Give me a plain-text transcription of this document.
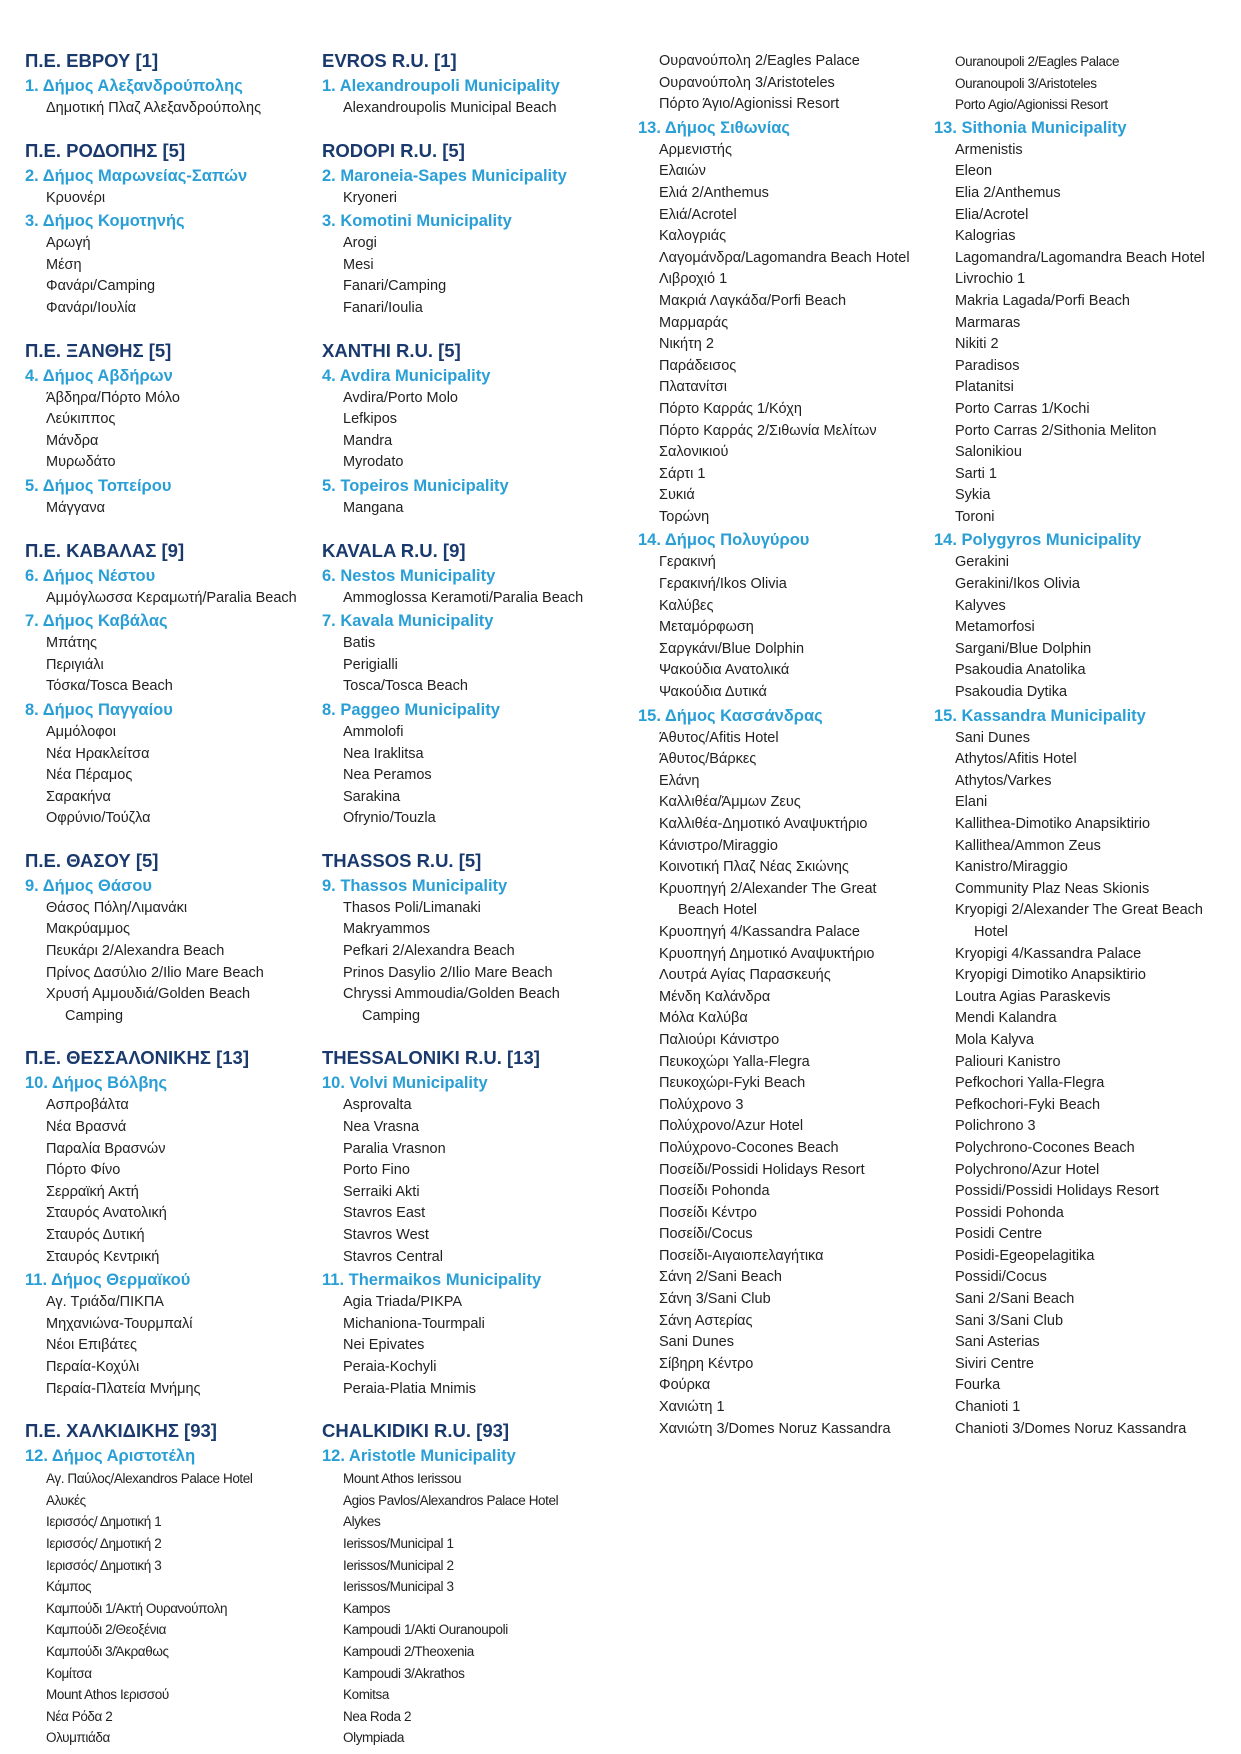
Π.Ε. ΕΒΡΟΥ [1]
1. Δήμος Αλεξανδρούπολης
Δημοτική Πλαζ Αλεξανδρούπολης
Π.Ε. ΡΟΔΟΠΗΣ [5]
2. Δήμος Μαρωνείας-Σαπών
Κρυονέρι
3. Δήμος Κομοτηνής
Αρωγή
Μέση
Φανάρι/Camping
Φανάρι/Ιουλία
Π.Ε. ΞΑΝΘΗΣ [5]
4. Δήμος Αβδήρων
Άβδηρα/Πόρτο Μόλο
Λεύκιππος
Μάνδρα
Μυρωδάτο
5. Δήμος Τοπείρου
Μάγγανα
Π.Ε. ΚΑΒΑΛΑΣ [9]
6. Δήμος Νέστου
Αμμόγλωσσα Κεραμωτή/Paralia Beach
7. Δήμος Καβάλας
Μπάτης
Περιγιάλι
Τόσκα/Tosca Beach
8. Δήμος Παγγαίου
Αμμόλοφοι
Νέα Ηρακλείτσα
Νέα Πέραμος
Σαρακήνα
Οφρύνιο/Τούζλα
Π.Ε. ΘΑΣΟΥ [5]
9. Δήμος Θάσου
Θάσος Πόλη/Λιμανάκι
Μακρύαμμος
Πευκάρι 2/Alexandra Beach
Πρίνος Δασύλιο 2/Ilio Mare Beach
Χρυσή Αμμουδιά/Golden Beach
Camping
Π.Ε. ΘΕΣΣΑΛΟΝΙΚΗΣ [13]
10. Δήμος Βόλβης
Ασπροβάλτα
Νέα Βρασνά
Παραλία Βρασνών
Πόρτο Φίνο
Σερραϊκή Ακτή
Σταυρός Ανατολική
Σταυρός Δυτική
Σταυρός Κεντρική
11. Δήμος Θερμαϊκού
Αγ. Τριάδα/ΠΙΚΠΑ
Μηχανιώνα-Τουρμπαλί
Νέοι Επιβάτες
Περαία-Κοχύλι
Περαία-Πλατεία Μνήμης
Π.Ε. ΧΑΛΚΙΔΙΚΗΣ [93]
12. Δήμος Αριστοτέλη
Αγ. Παύλος/Alexandros Palace Hotel
Αλυκές
Ιερισσός/ Δημοτική 1
Ιερισσός/ Δημοτική 2
Ιερισσός/ Δημοτική 3
Κάμπος
Καμπούδι 1/Ακτή Ουρανούπολη
Καμπούδι 2/Θεοξένια
Καμπούδι 3/Άκραθως
Κομίτσα
Mount Athos Ιερισσού
Νέα Ρόδα 2
Ολυμπιάδα
EVROS R.U. [1]
1. Alexandroupoli Municipality
Alexandroupolis Municipal Beach
RODOPI R.U. [5]
2. Maroneia-Sapes Municipality
Kryoneri
3. Komotini Municipality
Arogi
Mesi
Fanari/Camping
Fanari/Ioulia
XANTHI R.U. [5]
4. Avdira Municipality
Avdira/Porto Molo
Lefkipos
Mandra
Myrodato
5. Topeiros Municipality
Mangana
KAVALA R.U. [9]
6. Nestos Municipality
Ammoglossa Keramoti/Paralia Beach
7. Kavala Municipality
Batis
Perigialli
Tosca/Tosca Beach
8. Paggeo Municipality
Ammolofi
Nea Iraklitsa
Nea Peramos
Sarakina
Ofrynio/Touzla
THASSOS R.U. [5]
9. Thassos Municipality
Thasos Poli/Limanaki
Makryammos
Pefkari 2/Alexandra Beach
Prinos Dasylio 2/Ilio Mare Beach
Chryssi Ammoudia/Golden Beach
Camping
THESSALONIKI R.U. [13]
10. Volvi Municipality
Asprovalta
Nea Vrasna
Paralia Vrasnon
Porto Fino
Serraiki Akti
Stavros East
Stavros West
Stavros Central
11. Thermaikos Municipality
Agia Triada/PIKPA
Michaniona-Tourmpali
Nei Epivates
Peraia-Kochyli
Peraia-Platia Mnimis
CHALKIDIKI R.U. [93]
12. Aristotle Municipality
Mount Athos Ierissou
Agios Pavlos/Alexandros Palace Hotel
Alykes
Ierissos/Municipal 1
Ierissos/Municipal 2
Ierissos/Municipal 3
Kampos
Kampoudi 1/Akti Ouranoupoli
Kampoudi 2/Theoxenia
Kampoudi 3/Akrathos
Komitsa
Nea Roda 2
Olympiada
Ουρανούπολη 2/Eagles Palace
Ουρανούπολη 3/Aristoteles
Πόρτο Άγιο/Agionissi Resort
13. Δήμος Σιθωνίας
Αρμενιστής
Ελαιών
Ελιά 2/Anthemus
Ελιά/Acrotel
Καλογριάς
Λαγομάνδρα/Lagomandra Beach Hotel
Λιβροχιό 1
Μακριά Λαγκάδα/Porfi Beach
Μαρμαράς
Νικήτη 2
Παράδεισος
Πλατανίτσι
Πόρτο Καρράς 1/Κόχη
Πόρτο Καρράς 2/Σιθωνία Μελίτων
Σαλονικιού
Σάρτι 1
Συκιά
Τορώνη
14. Δήμος Πολυγύρου
Γερακινή
Γερακινή/Ikos Olivia
Καλύβες
Μεταμόρφωση
Σαργκάνι/Blue Dolphin
Ψακούδια Ανατολικά
Ψακούδια Δυτικά
15. Δήμος Κασσάνδρας
Άθυτος/Afitis Hotel
Άθυτος/Βάρκες
Ελάνη
Καλλιθέα/Άμμων Ζευς
Καλλιθέα-Δημοτικό Αναψυκτήριο
Κάνιστρο/Miraggio
Κοινοτική Πλαζ Νέας Σκιώνης
Κρυοπηγή 2/Alexander The Great
Beach Hotel
Κρυοπηγή 4/Kassandra Palace
Κρυοπηγή Δημοτικό Αναψυκτήριο
Λουτρά Αγίας Παρασκευής
Μένδη Καλάνδρα
Μόλα Καλύβα
Παλιούρι Κάνιστρο
Πευκοχώρι Yalla-Flegra
Πευκοχώρι-Fyki Beach
Πολύχρονο 3
Πολύχρονο/Azur Hotel
Πολύχρονο-Cocones Beach
Ποσείδι/Possidi Holidays Resort
Ποσείδι Pohonda
Ποσείδι Κέντρο
Ποσείδι/Cocus
Ποσείδι-Αιγαιοπελαγήτικα
Σάνη 2/Sani Beach
Σάνη 3/Sani Club
Σάνη Αστερίας
Sani Dunes
Σίβηρη Κέντρο
Φούρκα
Χανιώτη 1
Χανιώτη 3/Domes Noruz Kassandra
Ouranoupoli 2/Eagles Palace
Ouranoupoli 3/Aristoteles
Porto Agio/Agionissi Resort
13. Sithonia Municipality
Armenistis
Eleon
Elia 2/Anthemus
Elia/Acrotel
Kalogrias
Lagomandra/Lagomandra Beach Hotel
Livrochio 1
Makria Lagada/Porfi Beach
Marmaras
Nikiti 2
Paradisos
Platanitsi
Porto Carras 1/Kochi
Porto Carras 2/Sithonia Meliton
Salonikiou
Sarti 1
Sykia
Toroni
14. Polygyros Municipality
Gerakini
Gerakini/Ikos Olivia
Kalyves
Metamorfosi
Sargani/Blue Dolphin
Psakoudia Anatolika
Psakoudia Dytika
15. Kassandra Municipality
Sani Dunes
Athytos/Afitis Hotel
Athytos/Varkes
Elani
Kallithea-Dimotiko Anapsiktirio
Kallithea/Ammon Zeus
Kanistro/Miraggio
Community Plaz Neas Skionis
Kryopigi 2/Alexander The Great Beach
Hotel
Kryopigi 4/Kassandra Palace
Kryopigi Dimotiko Anapsiktirio
Loutra Agias Paraskevis
Mendi Kalandra
Mola Kalyva
Paliouri Kanistro
Pefkochori Yalla-Flegra
Pefkochori-Fyki Beach
Polichrono 3
Polychrono-Cocones Beach
Polychrono/Azur Hotel
Possidi/Possidi Holidays Resort
Possidi Pohonda
Posidi Centre
Posidi-Egeopelagitika
Possidi/Cocus
Sani 2/Sani Beach
Sani 3/Sani Club
Sani Asterias
Siviri Centre
Fourka
Chanioti 1
Chanioti 3/Domes Noruz Kassandra
